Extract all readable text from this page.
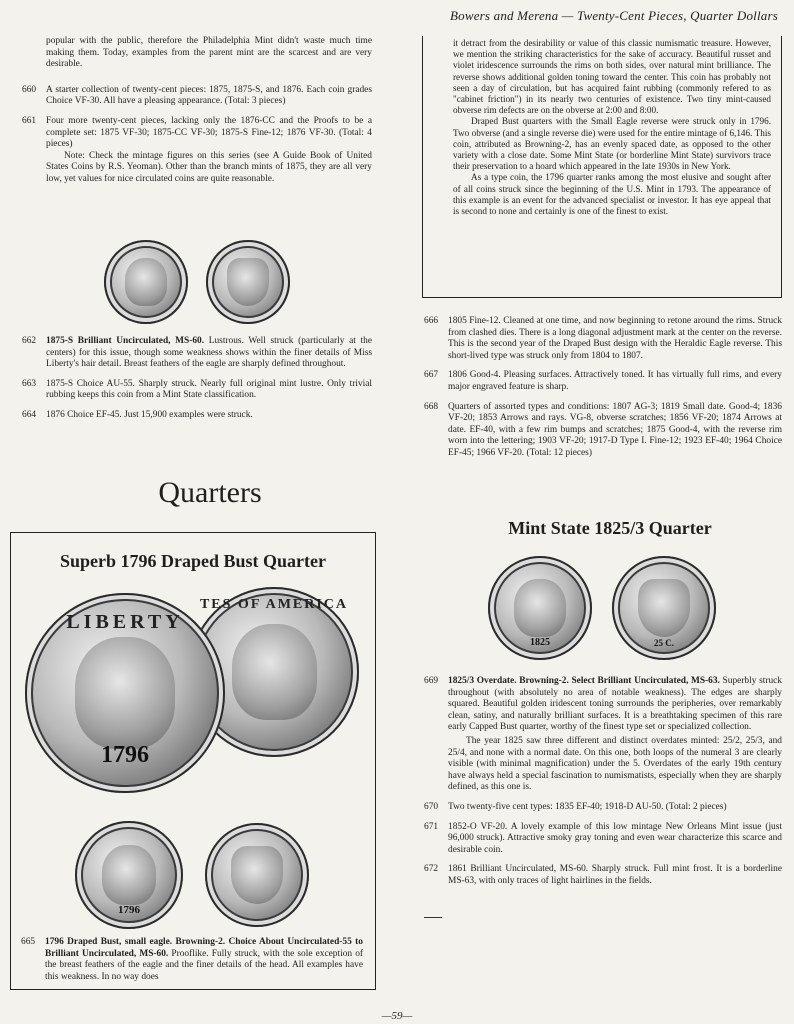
Bowers and Merena — Twenty-Cent Pieces, Quarter Dollars

popular with the public, therefore the Philadelphia Mint didn't waste much time making them. Today, examples from the parent mint are the scarcest and are very desirable.

660 A starter collection of twenty-cent pieces: 1875, 1875-S, and 1876. Each coin grades Choice VF-30. All have a pleasing appearance. (Total: 3 pieces)
661 Four more twenty-cent pieces, lacking only the 1876-CC and the Proofs to be a complete set: 1875 VF-30; 1875-CC VF-30; 1875-S Fine-12; 1876 VF-30. (Total: 4 pieces)

Note: Check the mintage figures on this series (see A Guide Book of United States Coins by R.S. Yeoman). Other than the branch mints of 1875, they are all very low, yet values for nice circulated coins are quite reasonable.

662 1875-S Brilliant Uncirculated, MS-60. Lustrous. Well struck (particularly at the centers) for this issue, though some weakness shows within the finer details of Miss Liberty's hair detail. Breast feathers of the eagle are sharply defined throughout.
663 1875-S Choice AU-55. Sharply struck. Nearly full original mint lustre. Only trivial rubbing keeps this coin from a Mint State classification.
664 1876 Choice EF-45. Just 15,900 examples were struck.
Quarters
Superb 1796 Draped Bust Quarter
TES OF AMERICA
LIBERTY
1796
1796
665 1796 Draped Bust, small eagle. Browning-2. Choice About Uncirculated-55 to Brilliant Uncirculated, MS-60. Prooflike. Fully struck, with the sole exception of the breast feathers of the eagle and the finer details of the head. All examples have this weakness. In no way does

it detract from the desirability or value of this classic numismatic treasure. However, we mention the striking characteristics for the sake of accuracy. Beautiful russet and violet iridescence surrounds the rims on both sides, over natural mint brilliance. The reverse shows additional golden toning toward the center. This coin has probably not seen a day of circulation, but has acquired faint rubbing (commonly refered to as "cabinet friction") in its nearly two centuries of existence. Two tiny mint-caused obverse rim defects are on the obverse at 2:00 and 8:00.

Draped Bust quarters with the Small Eagle reverse were struck only in 1796. Two obverse (and a single reverse die) were used for the entire mintage of 6,146. This coin, attributed as Browning-2, has an evenly spaced date, as opposed to the other variety with a close date. Some Mint State (or borderline Mint State) survivors trace their preservation to a hoard which appeared in the late 1930s in New York.

As a type coin, the 1796 quarter ranks among the most elusive and sought after of all coins struck since the beginning of the U.S. Mint in 1793. The appearance of this example is an event for the advanced specialist or investor. It has eye appeal that is second to none and certainly is one of the finest to exist.

666 1805 Fine-12. Cleaned at one time, and now beginning to retone around the rims. Struck from clashed dies. There is a long diagonal adjustment mark at the center on the reverse. This is the second year of the Draped Bust design with the Heraldic Eagle reverse. This short-lived type was struck only from 1804 to 1807.
667 1806 Good-4. Pleasing surfaces. Attractively toned. It has virtually full rims, and every major engraved feature is sharp.
668 Quarters of assorted types and conditions: 1807 AG-3; 1819 Small date. Good-4; 1836 VF-20; 1853 Arrows and rays. VG-8, obverse scratches; 1856 VF-20; 1874 Arrows at date. EF-40, with a few rim bumps and scratches; 1875 Good-4, with the reverse rim worn into the lettering; 1903 VF-20; 1917-D Type I. Fine-12; 1923 EF-40; 1964 Choice EF-45; 1966 VF-20. (Total: 12 pieces)
Mint State 1825/3 Quarter
1825	25 C.
669 1825/3 Overdate. Browning-2. Select Brilliant Uncirculated, MS-63. Superbly struck throughout (with absolutely no area of notable weakness). The edges are sharply squared. Beautiful golden iridescent toning surrounds the peripheries, over remarkably clean, satiny, and naturally brilliant surfaces. It is a breathtaking specimen of this rare early Capped Bust quarter, worthy of the finest type set or specialized collection.

The year 1825 saw three different and distinct overdates minted: 25/2, 25/3, and 25/4, and none with a normal date. On this one, both loops of the numeral 3 are clearly visible (with minimal magnification) under the 5. Overdates of the early 19th century have always held a special fascination to numismatists, especially when they are sharply defined, as this one is.

670 Two twenty-five cent types: 1835 EF-40; 1918-D AU-50. (Total: 2 pieces)
671 1852-O VF-20. A lovely example of this low mintage New Orleans Mint issue (just 96,000 struck). Attractive smoky gray toning and even wear characterize this scarce and desirable coin.
672 1861 Brilliant Uncirculated, MS-60. Sharply struck. Full mint frost. It is a borderline MS-63, with only traces of light hairlines in the fields.
—59—
